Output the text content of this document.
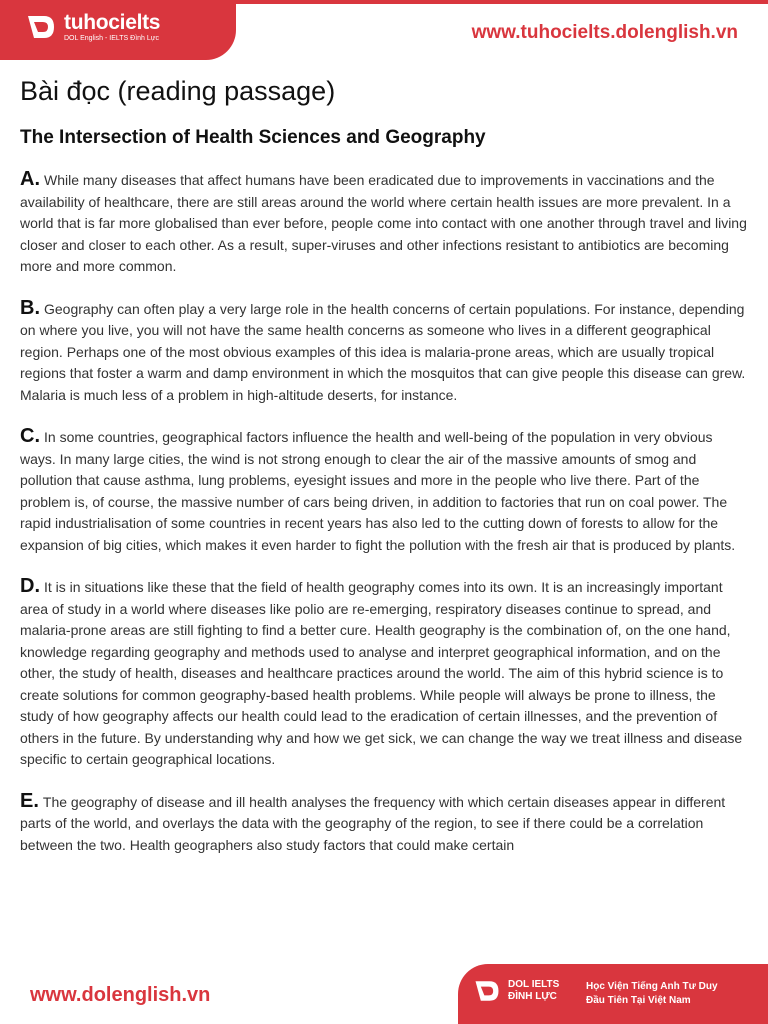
tuhocielts
DOL English - IELTS Đình Lực	www.tuhocielts.dolenglish.vn
Bài đọc (reading passage)
The Intersection of Health Sciences and Geography

A. While many diseases that affect humans have been eradicated due to improvements in vaccinations and the availability of healthcare, there are still areas around the world where certain health issues are more prevalent. In a world that is far more globalised than ever before, people come into contact with one another through travel and living closer and closer to each other. As a result, super-viruses and other infections resistant to antibiotics are becoming more and more common.

B. Geography can often play a very large role in the health concerns of certain populations. For instance, depending on where you live, you will not have the same health concerns as someone who lives in a different geographical region. Perhaps one of the most obvious examples of this idea is malaria-prone areas, which are usually tropical regions that foster a warm and damp environment in which the mosquitos that can give people this disease can grew. Malaria is much less of a problem in high-altitude deserts, for instance.

C. In some countries, geographical factors influence the health and well-being of the population in very obvious ways. In many large cities, the wind is not strong enough to clear the air of the massive amounts of smog and pollution that cause asthma, lung problems, eyesight issues and more in the people who live there. Part of the problem is, of course, the massive number of cars being driven, in addition to factories that run on coal power. The rapid industrialisation of some countries in recent years has also led to the cutting down of forests to allow for the expansion of big cities, which makes it even harder to fight the pollution with the fresh air that is produced by plants.

D. It is in situations like these that the field of health geography comes into its own. It is an increasingly important area of study in a world where diseases like polio are re-emerging, respiratory diseases continue to spread, and malaria-prone areas are still fighting to find a better cure. Health geography is the combination of, on the one hand, knowledge regarding geography and methods used to analyse and interpret geographical information, and on the other, the study of health, diseases and healthcare practices around the world. The aim of this hybrid science is to create solutions for common geography-based health problems. While people will always be prone to illness, the study of how geography affects our health could lead to the eradication of certain illnesses, and the prevention of others in the future. By understanding why and how we get sick, we can change the way we treat illness and disease specific to certain geographical locations.

E. The geography of disease and ill health analyses the frequency with which certain diseases appear in different parts of the world, and overlays the data with the geography of the region, to see if there could be a correlation between the two. Health geographers also study factors that could make certain

www.dolenglish.vn	DOL IELTS
ĐÌNH LỰC
Học Viện Tiếng Anh Tư Duy
Đầu Tiên Tại Việt Nam
